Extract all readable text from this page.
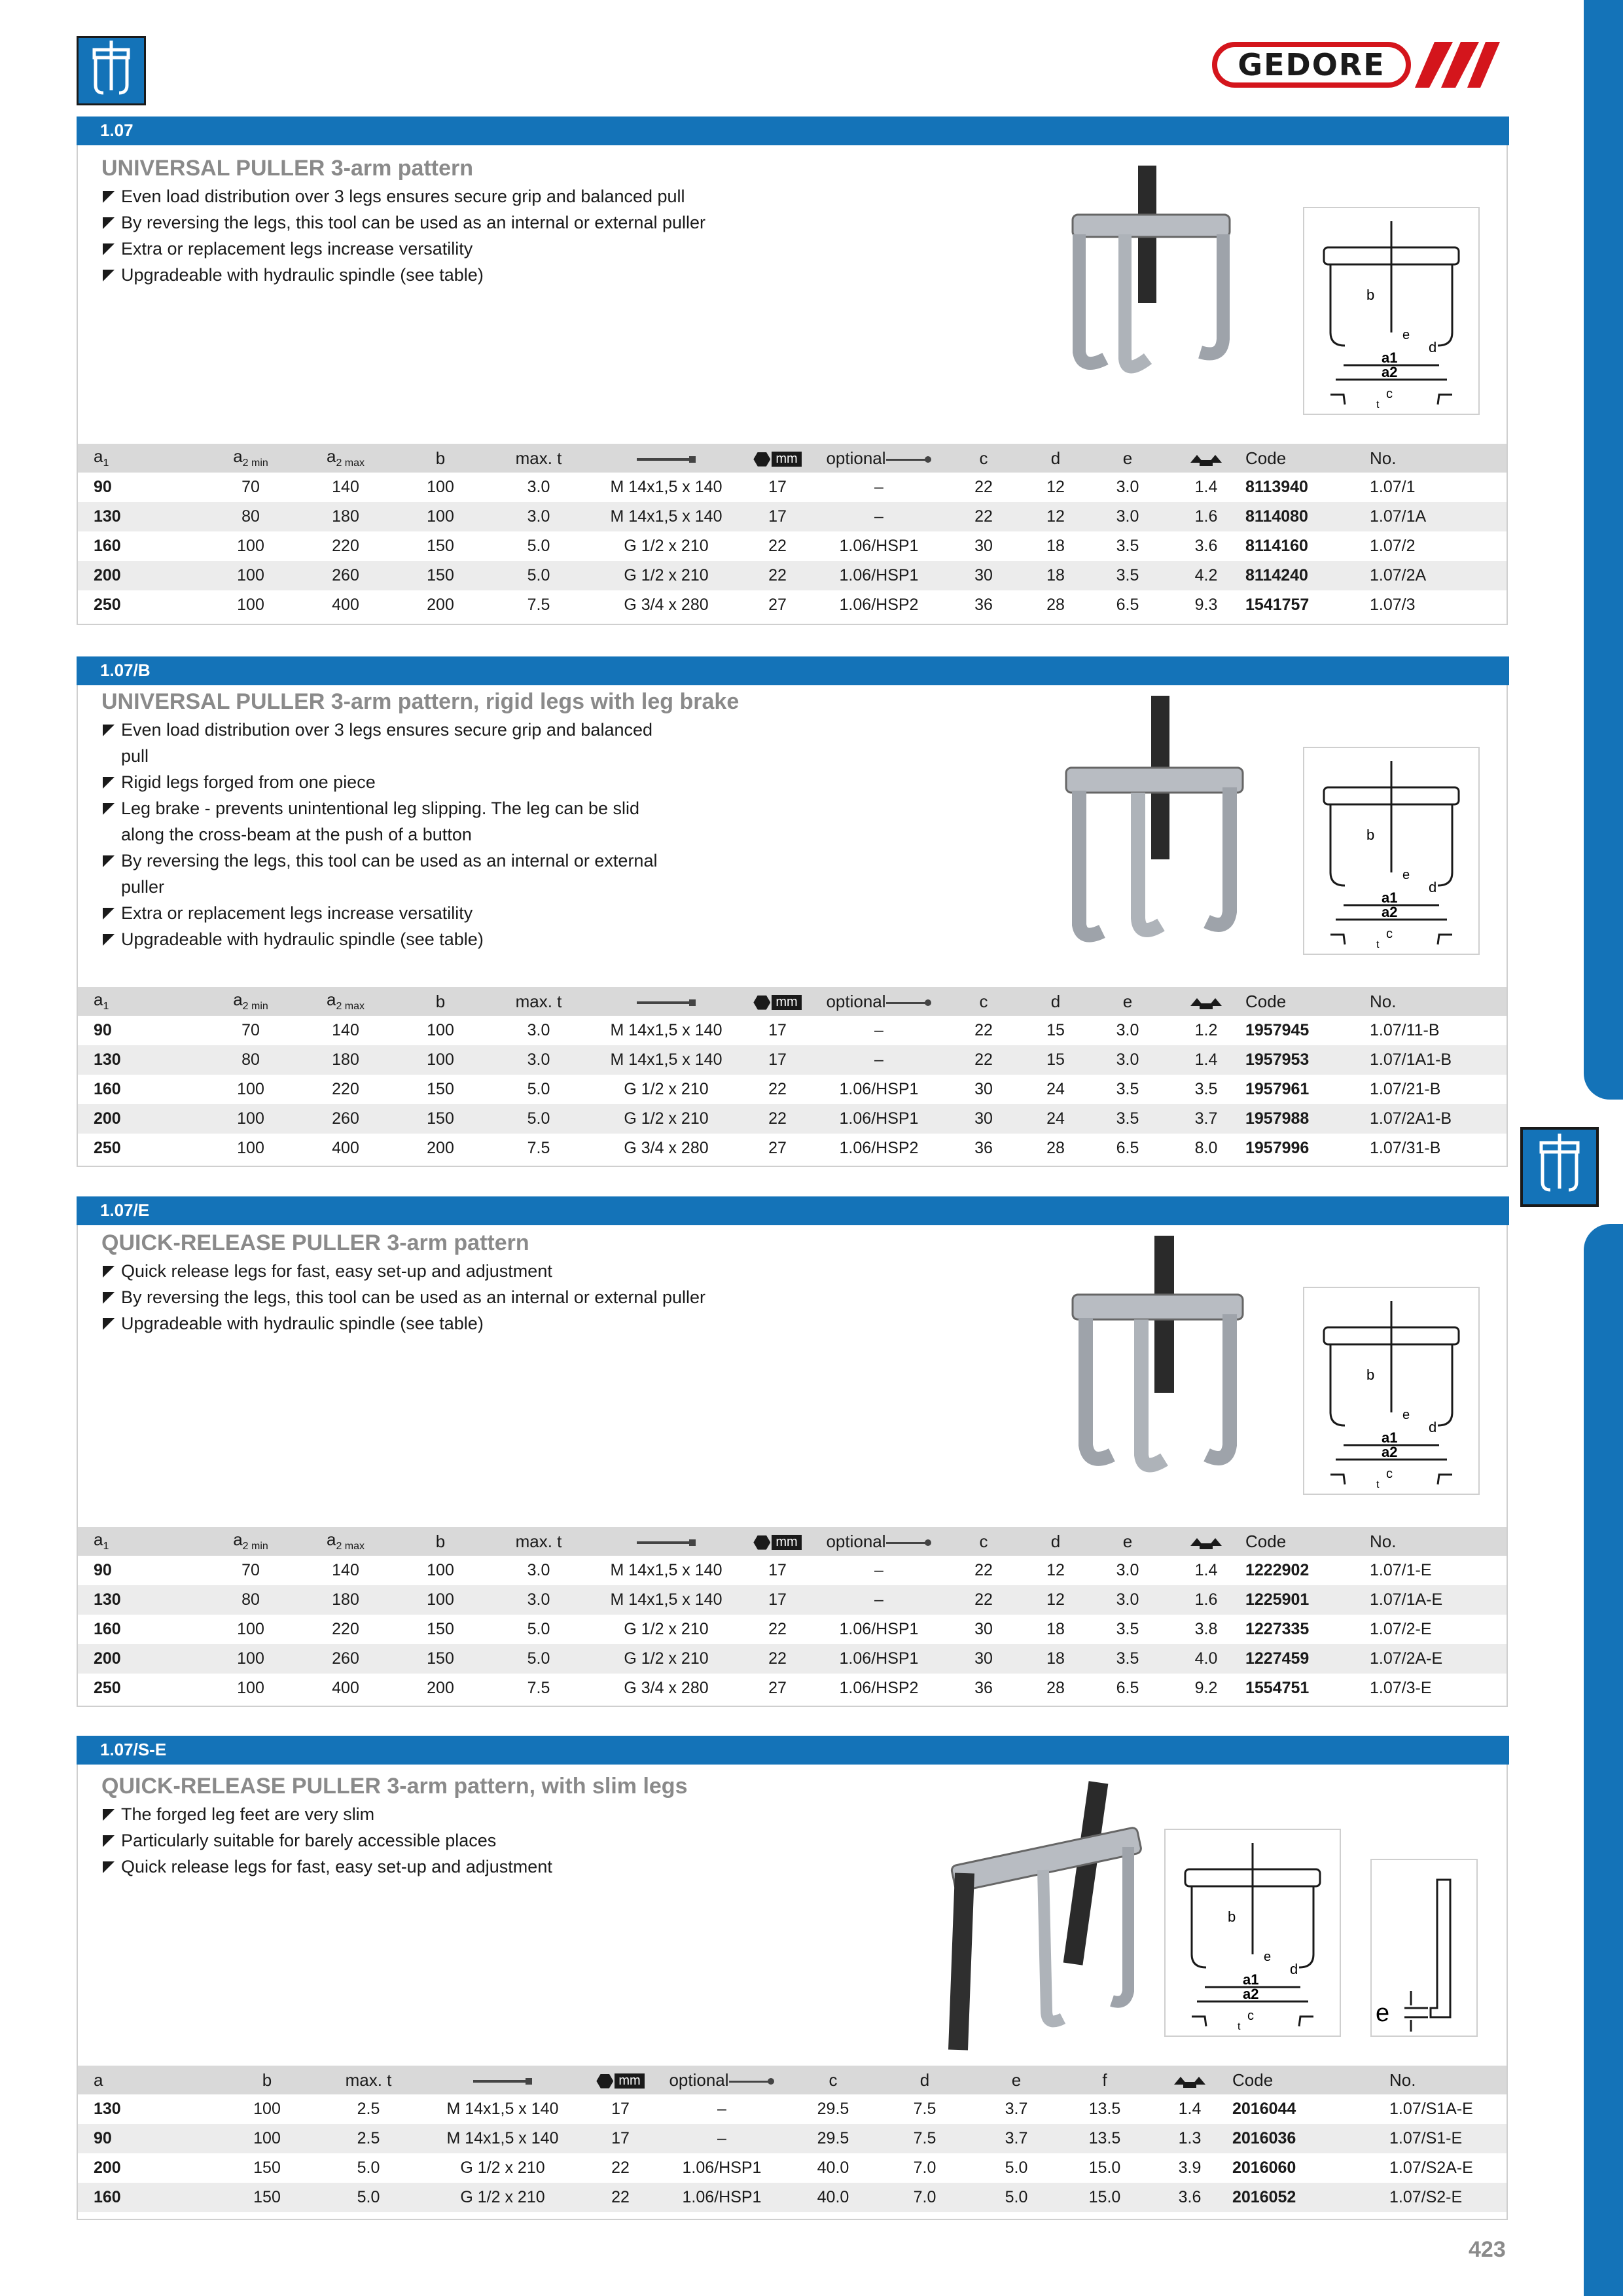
GEDORE
1.07
UNIVERSAL PULLER 3-arm pattern
Even load distribution over 3 legs ensures secure grip and balanced pull
By reversing the legs, this tool can be used as an internal or external puller
Extra or replacement legs increase versatility
Upgradeable with hydraulic spindle (see table)
b
e
d
a1
a2
c
t
$a_1$	$a_{2 min}$	$a_{2 max}$	b	max. t		mm	optional	c	d	e		Code	No.
90	70	140	100	3.0	M 14x1,5 x 140	17	–	22	12	3.0	1.4	8113940	1.07/1
130	80	180	100	3.0	M 14x1,5 x 140	17	–	22	12	3.0	1.6	8114080	1.07/1A
160	100	220	150	5.0	G 1/2 x 210	22	1.06/HSP1	30	18	3.5	3.6	8114160	1.07/2
200	100	260	150	5.0	G 1/2 x 210	22	1.06/HSP1	30	18	3.5	4.2	8114240	1.07/2A
250	100	400	200	7.5	G 3/4 x 280	27	1.06/HSP2	36	28	6.5	9.3	1541757	1.07/3
1.07/B
UNIVERSAL PULLER 3-arm pattern, rigid legs with leg brake
Even load distribution over 3 legs ensures secure grip and balanced pull
Rigid legs forged from one piece
Leg brake - prevents unintentional leg slipping. The leg can be slid along the cross-beam at the push of a button
By reversing the legs, this tool can be used as an internal or external puller
Extra or replacement legs increase versatility
Upgradeable with hydraulic spindle (see table)
b
e
d
a1
a2
c
t
$a_1$	$a_{2 min}$	$a_{2 max}$	b	max. t		mm	optional	c	d	e		Code	No.
90	70	140	100	3.0	M 14x1,5 x 140	17	–	22	15	3.0	1.2	1957945	1.07/11-B
130	80	180	100	3.0	M 14x1,5 x 140	17	–	22	15	3.0	1.4	1957953	1.07/1A1-B
160	100	220	150	5.0	G 1/2 x 210	22	1.06/HSP1	30	24	3.5	3.5	1957961	1.07/21-B
200	100	260	150	5.0	G 1/2 x 210	22	1.06/HSP1	30	24	3.5	3.7	1957988	1.07/2A1-B
250	100	400	200	7.5	G 3/4 x 280	27	1.06/HSP2	36	28	6.5	8.0	1957996	1.07/31-B
1.07/E
QUICK-RELEASE PULLER 3-arm pattern
Quick release legs for fast, easy set-up and adjustment
By reversing the legs, this tool can be used as an internal or external puller
Upgradeable with hydraulic spindle (see table)
b
e
d
a1
a2
c
t
$a_1$	$a_{2 min}$	$a_{2 max}$	b	max. t		mm	optional	c	d	e		Code	No.
90	70	140	100	3.0	M 14x1,5 x 140	17	–	22	12	3.0	1.4	1222902	1.07/1-E
130	80	180	100	3.0	M 14x1,5 x 140	17	–	22	12	3.0	1.6	1225901	1.07/1A-E
160	100	220	150	5.0	G 1/2 x 210	22	1.06/HSP1	30	18	3.5	3.8	1227335	1.07/2-E
200	100	260	150	5.0	G 1/2 x 210	22	1.06/HSP1	30	18	3.5	4.0	1227459	1.07/2A-E
250	100	400	200	7.5	G 3/4 x 280	27	1.06/HSP2	36	28	6.5	9.2	1554751	1.07/3-E
1.07/S-E
QUICK-RELEASE PULLER 3-arm pattern, with slim legs
The forged leg feet are very slim
Particularly suitable for barely accessible places
Quick release legs for fast, easy set-up and adjustment
b
e
d
a1
a2
c
t	e
a	b	max. t		mm	optional	c	d	e	f		Code	No.
130	100	2.5	M 14x1,5 x 140	17	–	29.5	7.5	3.7	13.5	1.4	2016044	1.07/S1A-E
90	100	2.5	M 14x1,5 x 140	17	–	29.5	7.5	3.7	13.5	1.3	2016036	1.07/S1-E
200	150	5.0	G 1/2 x 210	22	1.06/HSP1	40.0	7.0	5.0	15.0	3.9	2016060	1.07/S2A-E
160	150	5.0	G 1/2 x 210	22	1.06/HSP1	40.0	7.0	5.0	15.0	3.6	2016052	1.07/S2-E
423
